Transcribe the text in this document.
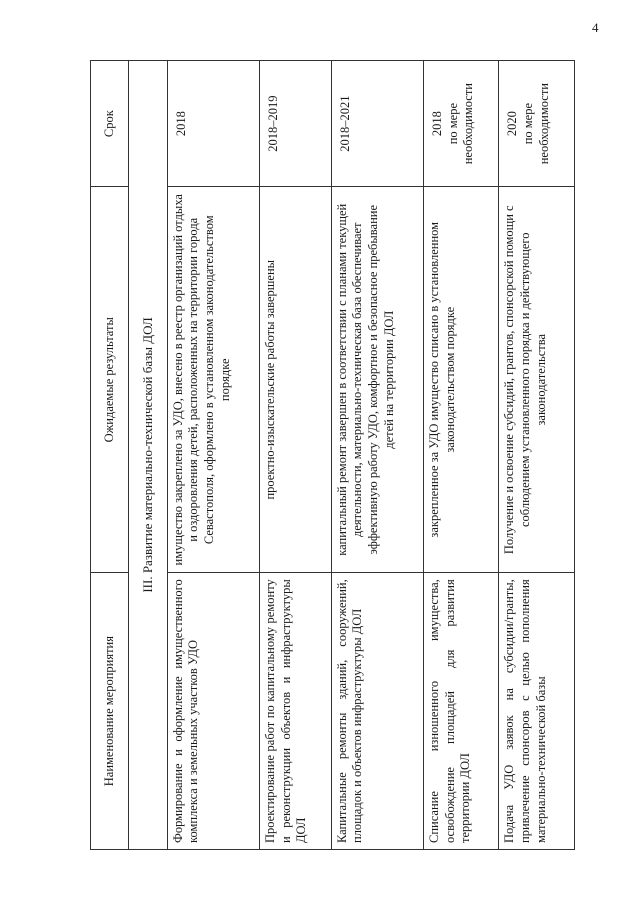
4
Наименование мероприятия	Ожидаемые результаты	Срок
III. Развитие материально-технической базы ДОЛ		
Формирование и оформление имущественного комплекса и земельных участков УДО	имущество закреплено за УДО, внесено в реестр организаций отдыха и оздоровления детей, расположенных на территории города Севастополя, оформлено в установленном законодательством порядке	2018

Проектирование работ по капитальному ремонту и реконструкции объектов и инфраструктуры ДОЛ	проектно-изыскательские работы завершены	2018–2019

Капитальные ремонты зданий, сооружений, площадок и объектов инфраструктуры ДОЛ	капитальный ремонт завершен в соответствии с планами текущей деятельности, материально-техническая база обеспечивает эффективную работу УДО, комфортное и безопасное пребывание детей на территории ДОЛ	2018–2021

Списание изношенного имущества, освобождение площадей для развития территории ДОЛ	закрепленное за УДО имущество списано в установленном законодательством порядке	2018 по мере необходимости

Подача УДО заявок на субсидии/гранты, привлечение спонсоров с целью пополнения материально-технической базы	Получение и освоение субсидий, грантов, спонсорской помощи с соблюдением установленного порядка и действующего законодательства	2020 по мере необходимости
